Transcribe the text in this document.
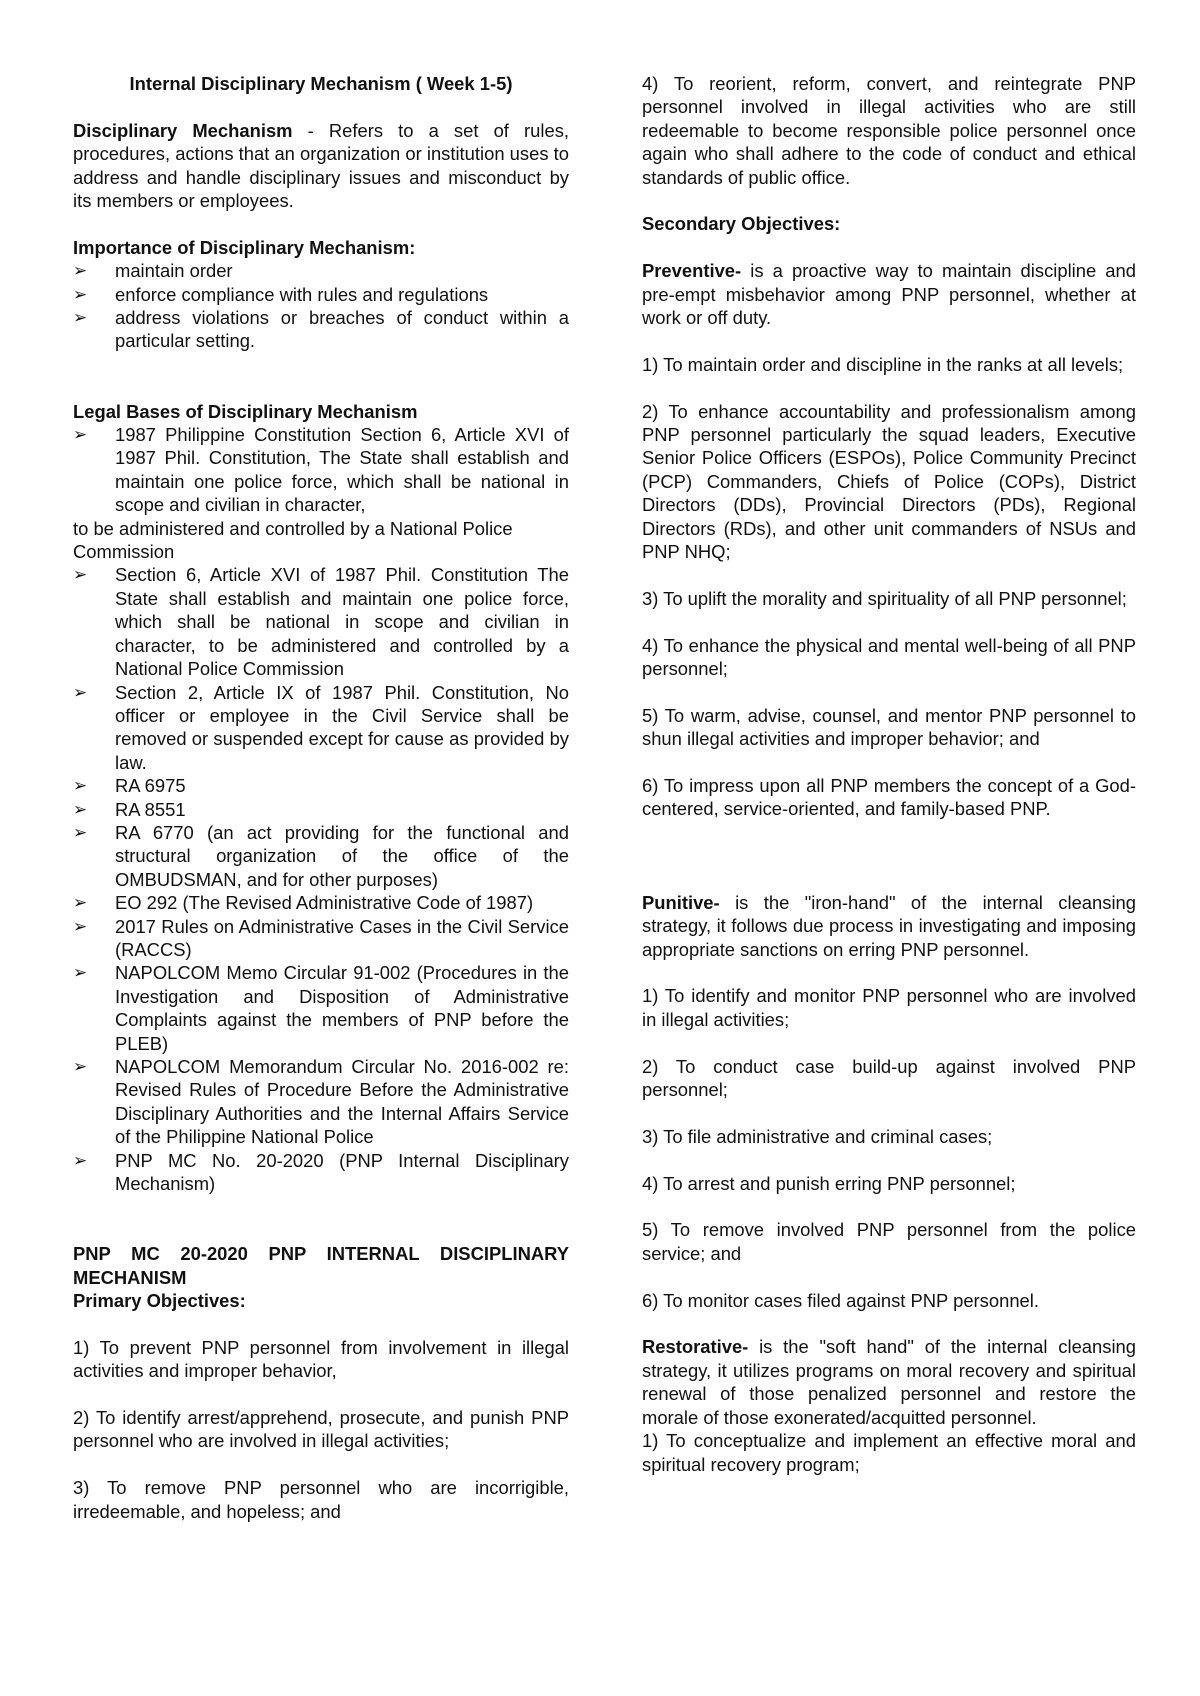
Internal Disciplinary Mechanism ( Week 1-5)

Disciplinary Mechanism - Refers to a set of rules, procedures, actions that an organization or institution uses to address and handle disciplinary issues and misconduct by its members or employees.

Importance of Disciplinary Mechanism:

➢ maintain order
➢ enforce compliance with rules and regulations
➢ address violations or breaches of conduct within a particular setting.

Legal Bases of Disciplinary Mechanism

➢ 1987 Philippine Constitution Section 6, Article XVI of 1987 Phil. Constitution, The State shall establish and maintain one police force, which shall be national in scope and civilian in character,

to be administered and controlled by a National Police Commission

➢ Section 6, Article XVI of 1987 Phil. Constitution The State shall establish and maintain one police force, which shall be national in scope and civilian in character, to be administered and controlled by a National Police Commission
➢ Section 2, Article IX of 1987 Phil. Constitution, No officer or employee in the Civil Service shall be removed or suspended except for cause as provided by law.
➢ RA 6975
➢ RA 8551
➢ RA 6770 (an act providing for the functional and structural organization of the office of the OMBUDSMAN, and for other purposes)
➢ EO 292 (The Revised Administrative Code of 1987)
➢ 2017 Rules on Administrative Cases in the Civil Service (RACCS)
➢ NAPOLCOM Memo Circular 91-002 (Procedures in the Investigation and Disposition of Administrative Complaints against the members of PNP before the PLEB)
➢ NAPOLCOM Memorandum Circular No. 2016-002 re: Revised Rules of Procedure Before the Administrative Disciplinary Authorities and the Internal Affairs Service of the Philippine National Police
➢ PNP MC No. 20-2020 (PNP Internal Disciplinary Mechanism)

PNP MC 20-2020 PNP INTERNAL DISCIPLINARY MECHANISM

Primary Objectives:

1) To prevent PNP personnel from involvement in illegal activities and improper behavior,

2) To identify arrest/apprehend, prosecute, and punish PNP personnel who are involved in illegal activities;

3) To remove PNP personnel who are incorrigible, irredeemable, and hopeless; and

4) To reorient, reform, convert, and reintegrate PNP personnel involved in illegal activities who are still redeemable to become responsible police personnel once again who shall adhere to the code of conduct and ethical standards of public office.

Secondary Objectives:

Preventive- is a proactive way to maintain discipline and pre-empt misbehavior among PNP personnel, whether at work or off duty.

1) To maintain order and discipline in the ranks at all levels;

2) To enhance accountability and professionalism among PNP personnel particularly the squad leaders, Executive Senior Police Officers (ESPOs), Police Community Precinct (PCP) Commanders, Chiefs of Police (COPs), District Directors (DDs), Provincial Directors (PDs), Regional Directors (RDs), and other unit commanders of NSUs and PNP NHQ;

3) To uplift the morality and spirituality of all PNP personnel;

4) To enhance the physical and mental well-being of all PNP personnel;

5) To warm, advise, counsel, and mentor PNP personnel to shun illegal activities and improper behavior; and

6) To impress upon all PNP members the concept of a God- centered, service-oriented, and family-based PNP.

Punitive- is the "iron-hand" of the internal cleansing strategy, it follows due process in investigating and imposing appropriate sanctions on erring PNP personnel.

1) To identify and monitor PNP personnel who are involved in illegal activities;

2) To conduct case build-up against involved PNP personnel;

3) To file administrative and criminal cases;

4) To arrest and punish erring PNP personnel;

5) To remove involved PNP personnel from the police service; and

6) To monitor cases filed against PNP personnel.

Restorative- is the "soft hand" of the internal cleansing strategy, it utilizes programs on moral recovery and spiritual renewal of those penalized personnel and restore the morale of those exonerated/acquitted personnel.

1) To conceptualize and implement an effective moral and spiritual recovery program;
